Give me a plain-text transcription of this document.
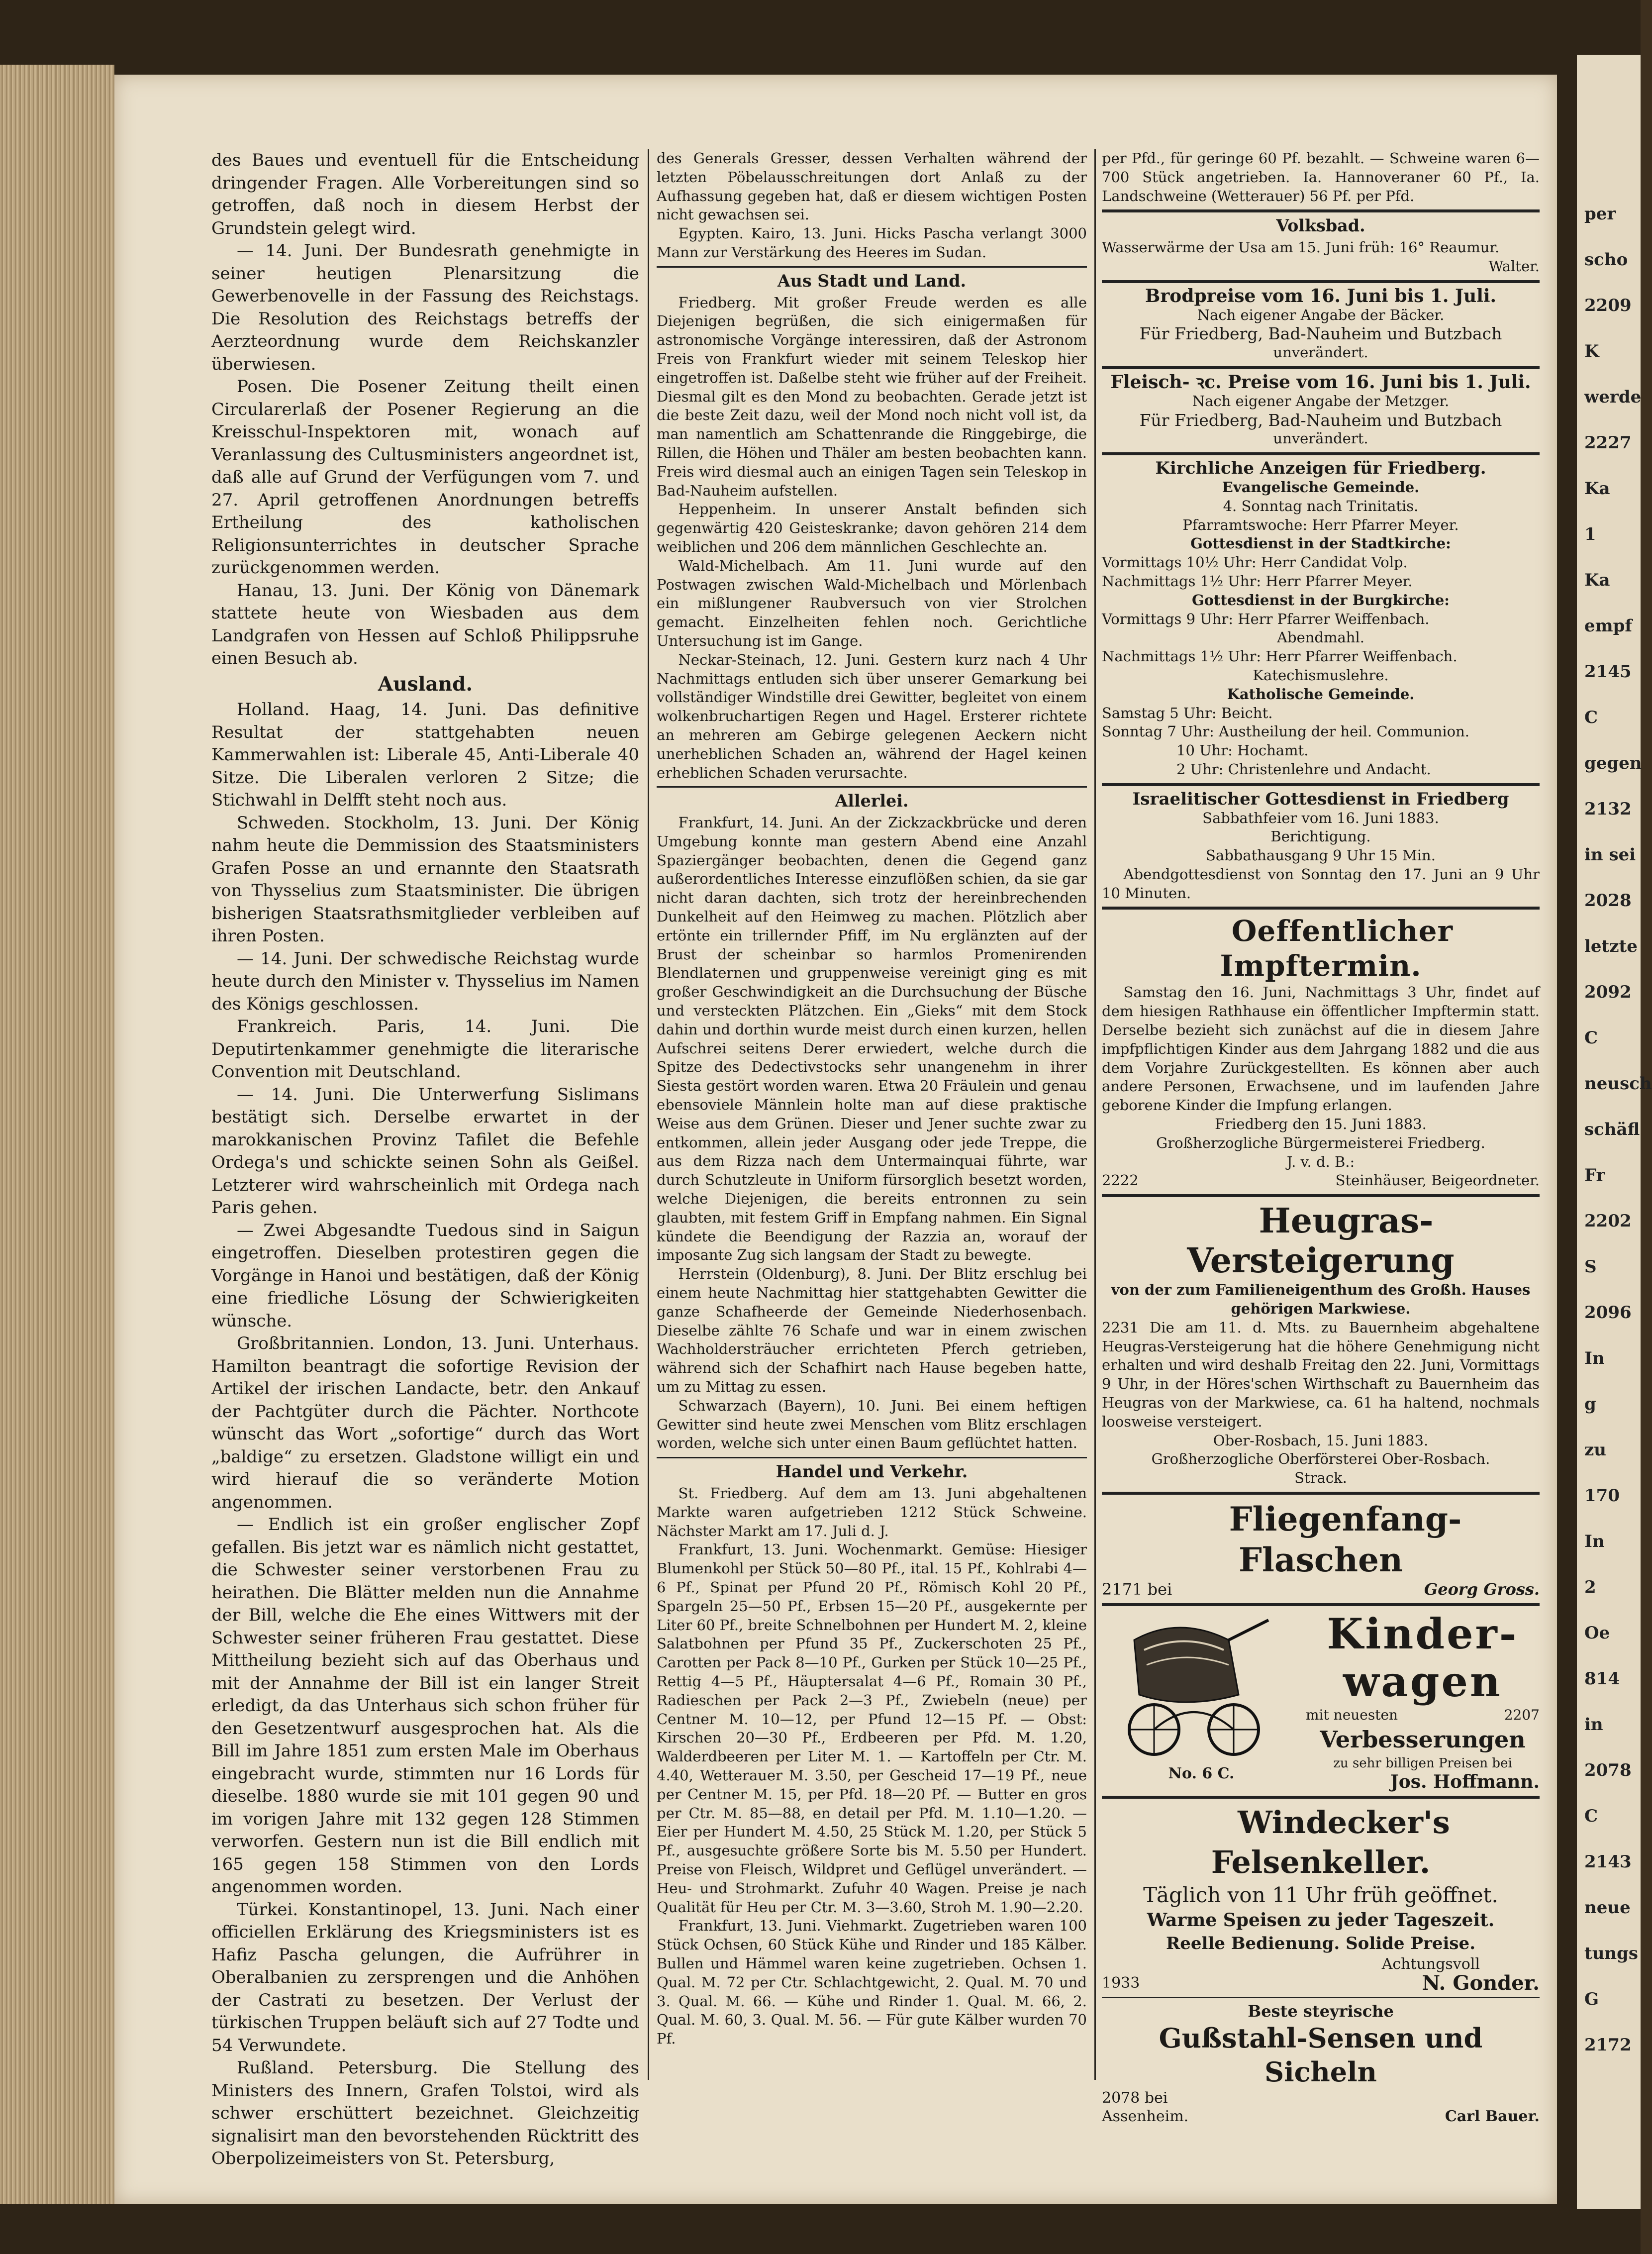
per
scho
2209
K
werde
2227
Ka
1
Ka
empf
2145
C
gegen
2132
in sei
2028
letzte
2092
C
neusch
schäfl
Fr
2202
S
2096
In
g
zu
170
In
2
Oe
814
in
2078
C
2143
neue
tungs
G
2172

des Baues und eventuell für die Entscheidung dringender Fragen. Alle Vorbereitungen sind so getroffen, daß noch in diesem Herbst der Grundstein gelegt wird.

— 14. Juni. Der Bundesrath genehmigte in seiner heutigen Plenarsitzung die Gewerbenovelle in der Fassung des Reichstags. Die Resolution des Reichstags betreffs der Aerzteordnung wurde dem Reichskanzler überwiesen.

Posen. Die Posener Zeitung theilt einen Circularerlaß der Posener Regierung an die Kreisschul-Inspektoren mit, wonach auf Veranlassung des Cultusministers angeordnet ist, daß alle auf Grund der Verfügungen vom 7. und 27. April getroffenen Anordnungen betreffs Ertheilung des katholischen Religionsunterrichtes in deutscher Sprache zurückgenommen werden.

Hanau, 13. Juni. Der König von Dänemark stattete heute von Wiesbaden aus dem Landgrafen von Hessen auf Schloß Philippsruhe einen Besuch ab.

Ausland.

Holland. Haag, 14. Juni. Das definitive Resultat der stattgehabten neuen Kammerwahlen ist: Liberale 45, Anti-Liberale 40 Sitze. Die Liberalen verloren 2 Sitze; die Stichwahl in Delfft steht noch aus.

Schweden. Stockholm, 13. Juni. Der König nahm heute die Demmission des Staatsministers Grafen Posse an und ernannte den Staatsrath von Thysselius zum Staatsminister. Die übrigen bisherigen Staatsrathsmitglieder verbleiben auf ihren Posten.

— 14. Juni. Der schwedische Reichstag wurde heute durch den Minister v. Thysselius im Namen des Königs geschlossen.

Frankreich. Paris, 14. Juni. Die Deputirtenkammer genehmigte die literarische Convention mit Deutschland.

— 14. Juni. Die Unterwerfung Sislimans bestätigt sich. Derselbe erwartet in der marokkanischen Provinz Tafilet die Befehle Ordega's und schickte seinen Sohn als Geißel. Letzterer wird wahrscheinlich mit Ordega nach Paris gehen.

— Zwei Abgesandte Tuedous sind in Saigun eingetroffen. Dieselben protestiren gegen die Vorgänge in Hanoi und bestätigen, daß der König eine friedliche Lösung der Schwierigkeiten wünsche.

Großbritannien. London, 13. Juni. Unterhaus. Hamilton beantragt die sofortige Revision der Artikel der irischen Landacte, betr. den Ankauf der Pachtgüter durch die Pächter. Northcote wünscht das Wort „sofortige“ durch das Wort „baldige“ zu ersetzen. Gladstone willigt ein und wird hierauf die so veränderte Motion angenommen.

— Endlich ist ein großer englischer Zopf gefallen. Bis jetzt war es nämlich nicht gestattet, die Schwester seiner verstorbenen Frau zu heirathen. Die Blätter melden nun die Annahme der Bill, welche die Ehe eines Wittwers mit der Schwester seiner früheren Frau gestattet. Diese Mittheilung bezieht sich auf das Oberhaus und mit der Annahme der Bill ist ein langer Streit erledigt, da das Unterhaus sich schon früher für den Gesetzentwurf ausgesprochen hat. Als die Bill im Jahre 1851 zum ersten Male im Oberhaus eingebracht wurde, stimmten nur 16 Lords für dieselbe. 1880 wurde sie mit 101 gegen 90 und im vorigen Jahre mit 132 gegen 128 Stimmen verworfen. Gestern nun ist die Bill endlich mit 165 gegen 158 Stimmen von den Lords angenommen worden.

Türkei. Konstantinopel, 13. Juni. Nach einer officiellen Erklärung des Kriegsministers ist es Hafiz Pascha gelungen, die Aufrührer in Oberalbanien zu zersprengen und die Anhöhen der Castrati zu besetzen. Der Verlust der türkischen Truppen beläuft sich auf 27 Todte und 54 Verwundete.

Rußland. Petersburg. Die Stellung des Ministers des Innern, Grafen Tolstoi, wird als schwer erschüttert bezeichnet. Gleichzeitig signalisirt man den bevorstehenden Rücktritt des Oberpolizeimeisters von St. Petersburg,

des Generals Gresser, dessen Verhalten während der letzten Pöbelausschreitungen dort Anlaß zu der Aufhassung gegeben hat, daß er diesem wichtigen Posten nicht gewachsen sei.

Egypten. Kairo, 13. Juni. Hicks Pascha verlangt 3000 Mann zur Verstärkung des Heeres im Sudan.

Aus Stadt und Land.

Friedberg. Mit großer Freude werden es alle Diejenigen begrüßen, die sich einigermaßen für astronomische Vorgänge interessiren, daß der Astronom Freis von Frankfurt wieder mit seinem Teleskop hier eingetroffen ist. Daßelbe steht wie früher auf der Freiheit. Diesmal gilt es den Mond zu beobachten. Gerade jetzt ist die beste Zeit dazu, weil der Mond noch nicht voll ist, da man namentlich am Schattenrande die Ringgebirge, die Rillen, die Höhen und Thäler am besten beobachten kann. Freis wird diesmal auch an einigen Tagen sein Teleskop in Bad-Nauheim aufstellen.

Heppenheim. In unserer Anstalt befinden sich gegenwärtig 420 Geisteskranke; davon gehören 214 dem weiblichen und 206 dem männlichen Geschlechte an.

Wald-Michelbach. Am 11. Juni wurde auf den Postwagen zwischen Wald-Michelbach und Mörlenbach ein mißlungener Raubversuch von vier Strolchen gemacht. Einzelheiten fehlen noch. Gerichtliche Untersuchung ist im Gange.

Neckar-Steinach, 12. Juni. Gestern kurz nach 4 Uhr Nachmittags entluden sich über unserer Gemarkung bei vollständiger Windstille drei Gewitter, begleitet von einem wolkenbruchartigen Regen und Hagel. Ersterer richtete an mehreren am Gebirge gelegenen Aeckern nicht unerheblichen Schaden an, während der Hagel keinen erheblichen Schaden verursachte.

Allerlei.

Frankfurt, 14. Juni. An der Zickzackbrücke und deren Umgebung konnte man gestern Abend eine Anzahl Spaziergänger beobachten, denen die Gegend ganz außerordentliches Interesse einzuflößen schien, da sie gar nicht daran dachten, sich trotz der hereinbrechenden Dunkelheit auf den Heimweg zu machen. Plötzlich aber ertönte ein trillernder Pfiff, im Nu erglänzten auf der Brust der scheinbar so harmlos Promenirenden Blendlaternen und gruppenweise vereinigt ging es mit großer Geschwindigkeit an die Durchsuchung der Büsche und versteckten Plätzchen. Ein „Gieks“ mit dem Stock dahin und dorthin wurde meist durch einen kurzen, hellen Aufschrei seitens Derer erwiedert, welche durch die Spitze des Dedectivstocks sehr unangenehm in ihrer Siesta gestört worden waren. Etwa 20 Fräulein und genau ebensoviele Männlein holte man auf diese praktische Weise aus dem Grünen. Dieser und Jener suchte zwar zu entkommen, allein jeder Ausgang oder jede Treppe, die aus dem Rizza nach dem Untermainquai führte, war durch Schutzleute in Uniform fürsorglich besetzt worden, welche Diejenigen, die bereits entronnen zu sein glaubten, mit festem Griff in Empfang nahmen. Ein Signal kündete die Beendigung der Razzia an, worauf der imposante Zug sich langsam der Stadt zu bewegte.

Herrstein (Oldenburg), 8. Juni. Der Blitz erschlug bei einem heute Nachmittag hier stattgehabten Gewitter die ganze Schafheerde der Gemeinde Niederhosenbach. Dieselbe zählte 76 Schafe und war in einem zwischen Wachholdersträucher errichteten Pferch getrieben, während sich der Schafhirt nach Hause begeben hatte, um zu Mittag zu essen.

Schwarzach (Bayern), 10. Juni. Bei einem heftigen Gewitter sind heute zwei Menschen vom Blitz erschlagen worden, welche sich unter einen Baum geflüchtet hatten.

Handel und Verkehr.

St. Friedberg. Auf dem am 13. Juni abgehaltenen Markte waren aufgetrieben 1212 Stück Schweine. Nächster Markt am 17. Juli d. J.

Frankfurt, 13. Juni. Wochenmarkt. Gemüse: Hiesiger Blumenkohl per Stück 50—80 Pf., ital. 15 Pf., Kohlrabi 4—6 Pf., Spinat per Pfund 20 Pf., Römisch Kohl 20 Pf., Spargeln 25—50 Pf., Erbsen 15—20 Pf., ausgekernte per Liter 60 Pf., breite Schnelbohnen per Hundert M. 2, kleine Salatbohnen per Pfund 35 Pf., Zuckerschoten 25 Pf., Carotten per Pack 8—10 Pf., Gurken per Stück 10—25 Pf., Rettig 4—5 Pf., Häuptersalat 4—6 Pf., Romain 30 Pf., Radieschen per Pack 2—3 Pf., Zwiebeln (neue) per Centner M. 10—12, per Pfund 12—15 Pf. — Obst: Kirschen 20—30 Pf., Erdbeeren per Pfd. M. 1.20, Walderdbeeren per Liter M. 1. — Kartoffeln per Ctr. M. 4.40, Wetterauer M. 3.50, per Gescheid 17—19 Pf., neue per Centner M. 15, per Pfd. 18—20 Pf. — Butter en gros per Ctr. M. 85—88, en detail per Pfd. M. 1.10—1.20. — Eier per Hundert M. 4.50, 25 Stück M. 1.20, per Stück 5 Pf., ausgesuchte größere Sorte bis M. 5.50 per Hundert. Preise von Fleisch, Wildpret und Geflügel unverändert. — Heu- und Strohmarkt. Zufuhr 40 Wagen. Preise je nach Qualität für Heu per Ctr. M. 3—3.60, Stroh M. 1.90—2.20.

Frankfurt, 13. Juni. Viehmarkt. Zugetrieben waren 100 Stück Ochsen, 60 Stück Kühe und Rinder und 185 Kälber. Bullen und Hämmel waren keine zugetrieben. Ochsen 1. Qual. M. 72 per Ctr. Schlachtgewicht, 2. Qual. M. 70 und 3. Qual. M. 66. — Kühe und Rinder 1. Qual. M. 66, 2. Qual. M. 60, 3. Qual. M. 56. — Für gute Kälber wurden 70 Pf.

per Pfd., für geringe 60 Pf. bezahlt. — Schweine waren 6—700 Stück angetrieben. Ia. Hannoveraner 60 Pf., Ia. Landschweine (Wetterauer) 56 Pf. per Pfd.

Volksbad.

Wasserwärme der Usa am 15. Juni früh: 16° Reaumur.

Walter.

Brodpreise vom 16. Juni bis 1. Juli.

Nach eigener Angabe der Bäcker.

Für Friedberg, Bad-Nauheim und Butzbach

unverändert.

Fleisch- ꝛc. Preise vom 16. Juni bis 1. Juli.

Nach eigener Angabe der Metzger.

Für Friedberg, Bad-Nauheim und Butzbach

unverändert.

Kirchliche Anzeigen für Friedberg.

Evangelische Gemeinde.

4. Sonntag nach Trinitatis.

Pfarramtswoche: Herr Pfarrer Meyer.

Gottesdienst in der Stadtkirche:

Vormittags 10½ Uhr: Herr Candidat Volp.

Nachmittags 1½ Uhr: Herr Pfarrer Meyer.

Gottesdienst in der Burgkirche:

Vormittags 9 Uhr: Herr Pfarrer Weiffenbach.

Abendmahl.

Nachmittags 1½ Uhr: Herr Pfarrer Weiffenbach.

Katechismuslehre.

Katholische Gemeinde.

Samstag 5 Uhr: Beicht.

Sonntag 7 Uhr: Austheilung der heil. Communion.

10 Uhr: Hochamt.

2 Uhr: Christenlehre und Andacht.

Israelitischer Gottesdienst in Friedberg

Sabbathfeier vom 16. Juni 1883.

Berichtigung.

Sabbathausgang 9 Uhr 15 Min.

Abendgottesdienst von Sonntag den 17. Juni an 9 Uhr 10 Minuten.

Oeffentlicher Impftermin.

Samstag den 16. Juni, Nachmittags 3 Uhr, findet auf dem hiesigen Rathhause ein öffentlicher Impftermin statt. Derselbe bezieht sich zunächst auf die in diesem Jahre impfpflichtigen Kinder aus dem Jahrgang 1882 und die aus dem Vorjahre Zurückgestellten. Es können aber auch andere Personen, Erwachsene, und im laufenden Jahre geborene Kinder die Impfung erlangen.

Friedberg den 15. Juni 1883.

Großherzogliche Bürgermeisterei Friedberg.

J. v. d. B.:

2222	Steinhäuser, Beigeordneter.

Heugras-Versteigerung

von der zum Familieneigenthum des Großh. Hauses gehörigen Markwiese.

2231 Die am 11. d. Mts. zu Bauernheim abgehaltene Heugras-Versteigerung hat die höhere Genehmigung nicht erhalten und wird deshalb Freitag den 22. Juni, Vormittags 9 Uhr, in der Höres'schen Wirthschaft zu Bauernheim das Heugras von der Markwiese, ca. 61 ha haltend, nochmals loosweise versteigert.

Ober-Rosbach, 15. Juni 1883.

Großherzogliche Oberförsterei Ober-Rosbach.

Strack.

Fliegenfang-Flaschen

2171 bei	Georg Gross.
No. 6 C.
Kinder-
wagen
mit neuesten	2207
Verbesserungen
zu sehr billigen Preisen bei
Jos. Hoffmann.

Windecker's Felsenkeller.

Täglich von 11 Uhr früh geöffnet.

Warme Speisen zu jeder Tageszeit.

Reelle Bedienung. Solide Preise.

1933
Achtungsvoll
N. Gonder.

Beste steyrische

Gußstahl-Sensen und Sicheln

2078 bei
Assenheim.	Carl Bauer.
